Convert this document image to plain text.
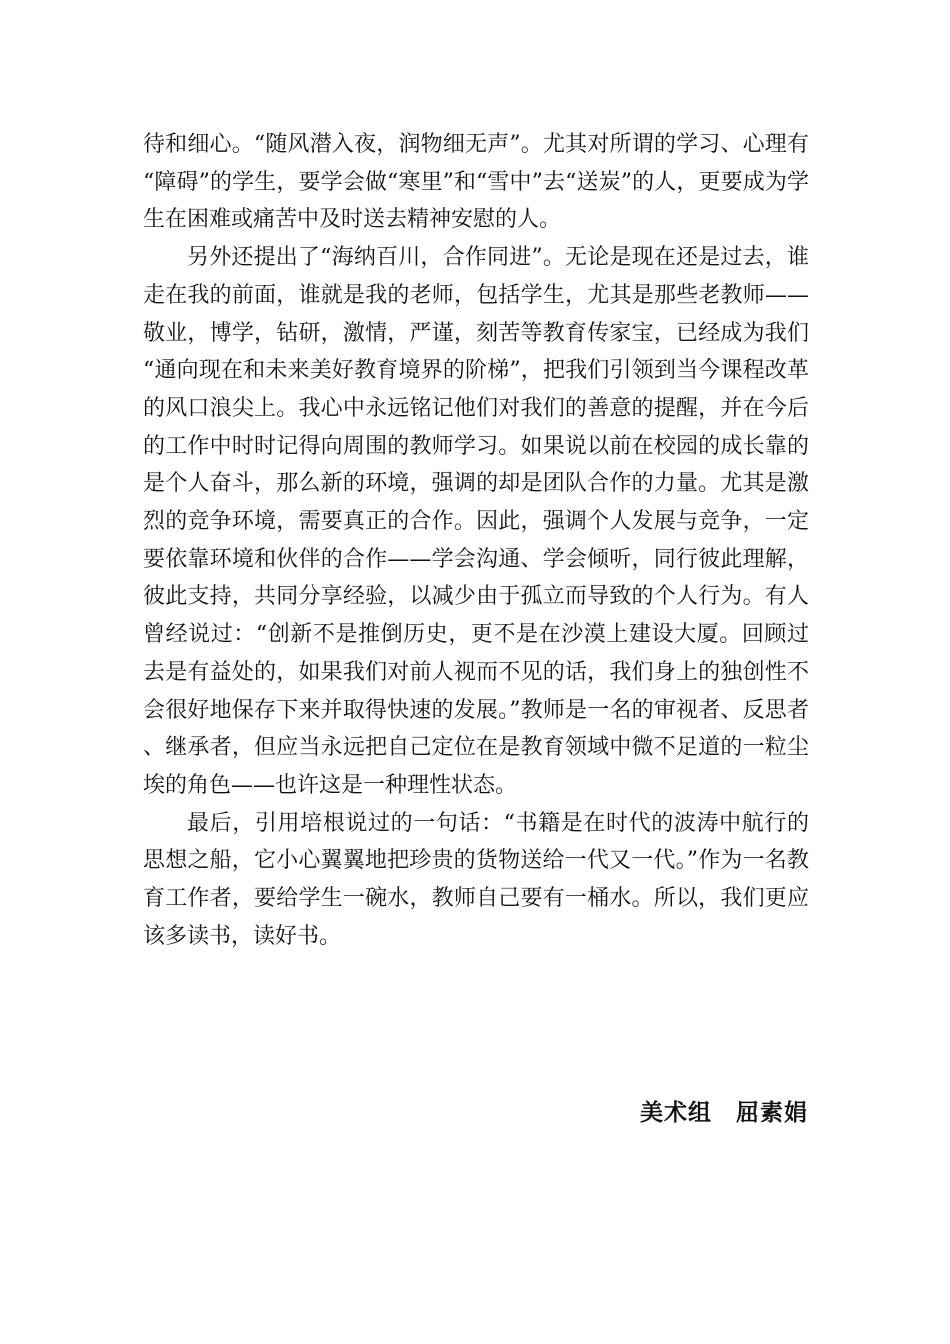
待和细心。“随风潜入夜，润物细无声”。尤其对所谓的学习、心理有“障碍”的学生，要学会做“寒里”和“雪中”去“送炭”的人，更要成为学生在困难或痛苦中及时送去精神安慰的人。

另外还提出了“海纳百川，合作同进”。无论是现在还是过去，谁走在我的前面，谁就是我的老师，包括学生，尤其是那些老教师——敬业，博学，钻研，激情，严谨，刻苦等教育传家宝，已经成为我们“通向现在和未来美好教育境界的阶梯”，把我们引领到当今课程改革的风口浪尖上。我心中永远铭记他们对我们的善意的提醒，并在今后的工作中时时记得向周围的教师学习。如果说以前在校园的成长靠的是个人奋斗，那么新的环境，强调的却是团队合作的力量。尤其是激烈的竞争环境，需要真正的合作。因此，强调个人发展与竞争，一定要依靠环境和伙伴的合作——学会沟通、学会倾听，同行彼此理解，彼此支持，共同分享经验，以减少由于孤立而导致的个人行为。有人曾经说过：“创新不是推倒历史，更不是在沙漠上建设大厦。回顾过去是有益处的，如果我们对前人视而不见的话，我们身上的独创性不会很好地保存下来并取得快速的发展。”教师是一名的审视者、反思者、继承者，但应当永远把自己定位在是教育领域中微不足道的一粒尘埃的角色——也许这是一种理性状态。

最后，引用培根说过的一句话：“书籍是在时代的波涛中航行的思想之船，它小心翼翼地把珍贵的货物送给一代又一代。”作为一名教育工作者，要给学生一碗水，教师自己要有一桶水。所以，我们更应该多读书，读好书。

美术组　屈素娟
